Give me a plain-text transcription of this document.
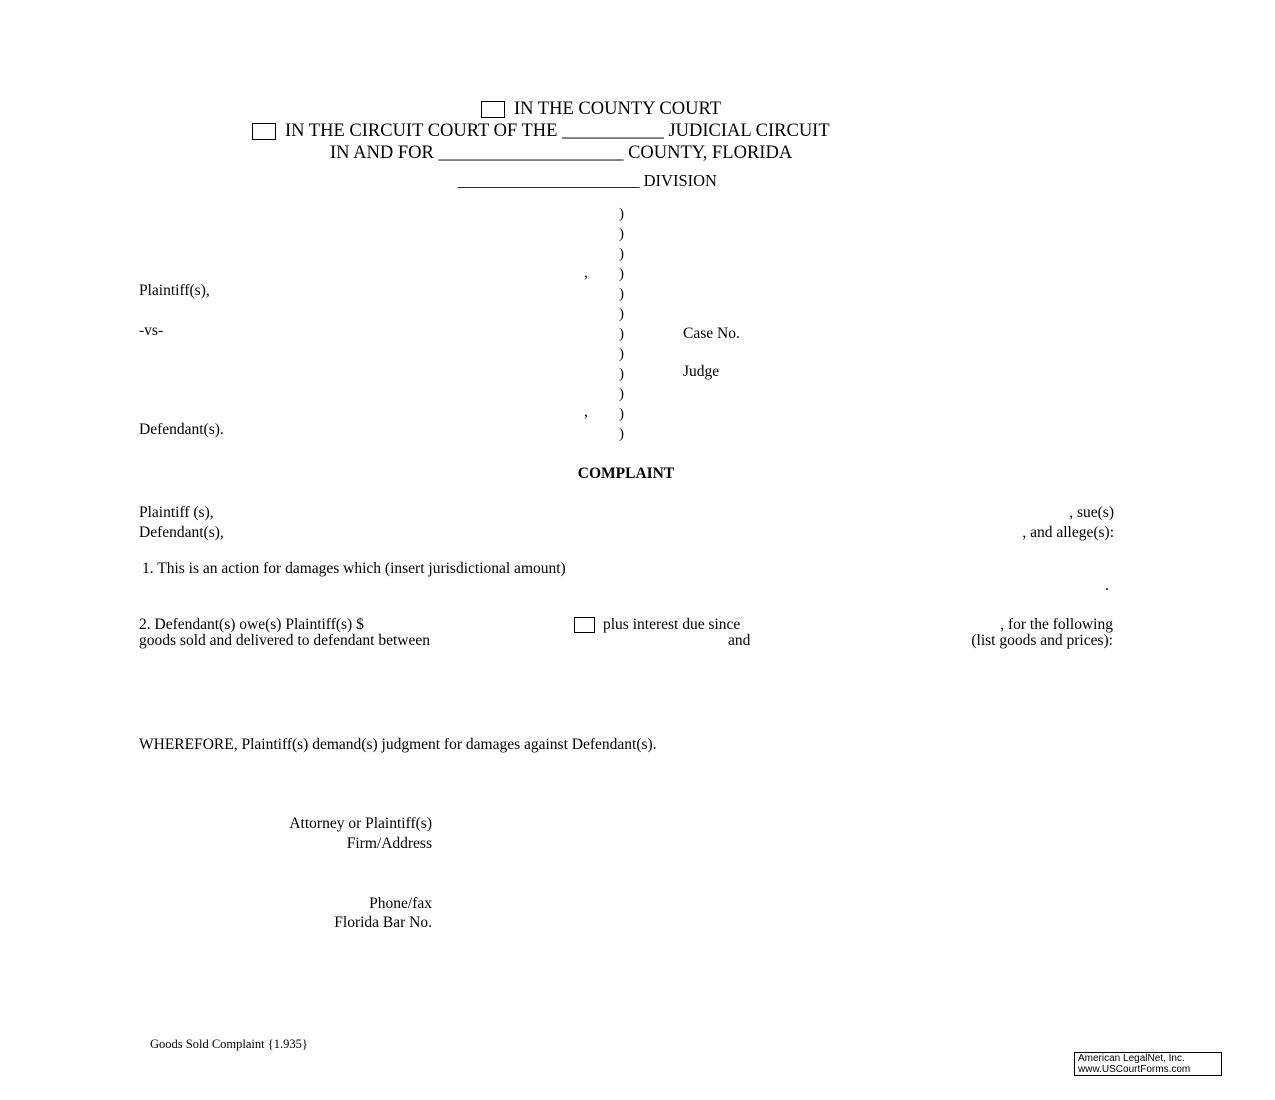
IN THE COUNTY COURT
IN THE CIRCUIT COURT OF THE ___________ JUDICIAL CIRCUIT
IN AND FOR ____________________ COUNTY, FLORIDA
______________________ DIVISION
)
)
)
)
)
)
)
)
)
)
)
)
,
,
Plaintiff(s),
-vs-
Defendant(s).
Case No.
Judge
COMPLAINT
Plaintiff (s),	, sue(s)
Defendant(s),	, and allege(s):
1. This is an action for damages which (insert jurisdictional amount)
.
2. Defendant(s) owe(s) Plaintiff(s) $	plus interest due since	, for the following
goods sold and delivered to defendant between	and	(list goods and prices):
WHEREFORE, Plaintiff(s) demand(s) judgment for damages against Defendant(s).
Attorney or Plaintiff(s)
Firm/Address
Phone/fax
Florida Bar No.
Goods Sold Complaint {1.935}
American LegalNet, Inc.
www.USCourtForms.com
